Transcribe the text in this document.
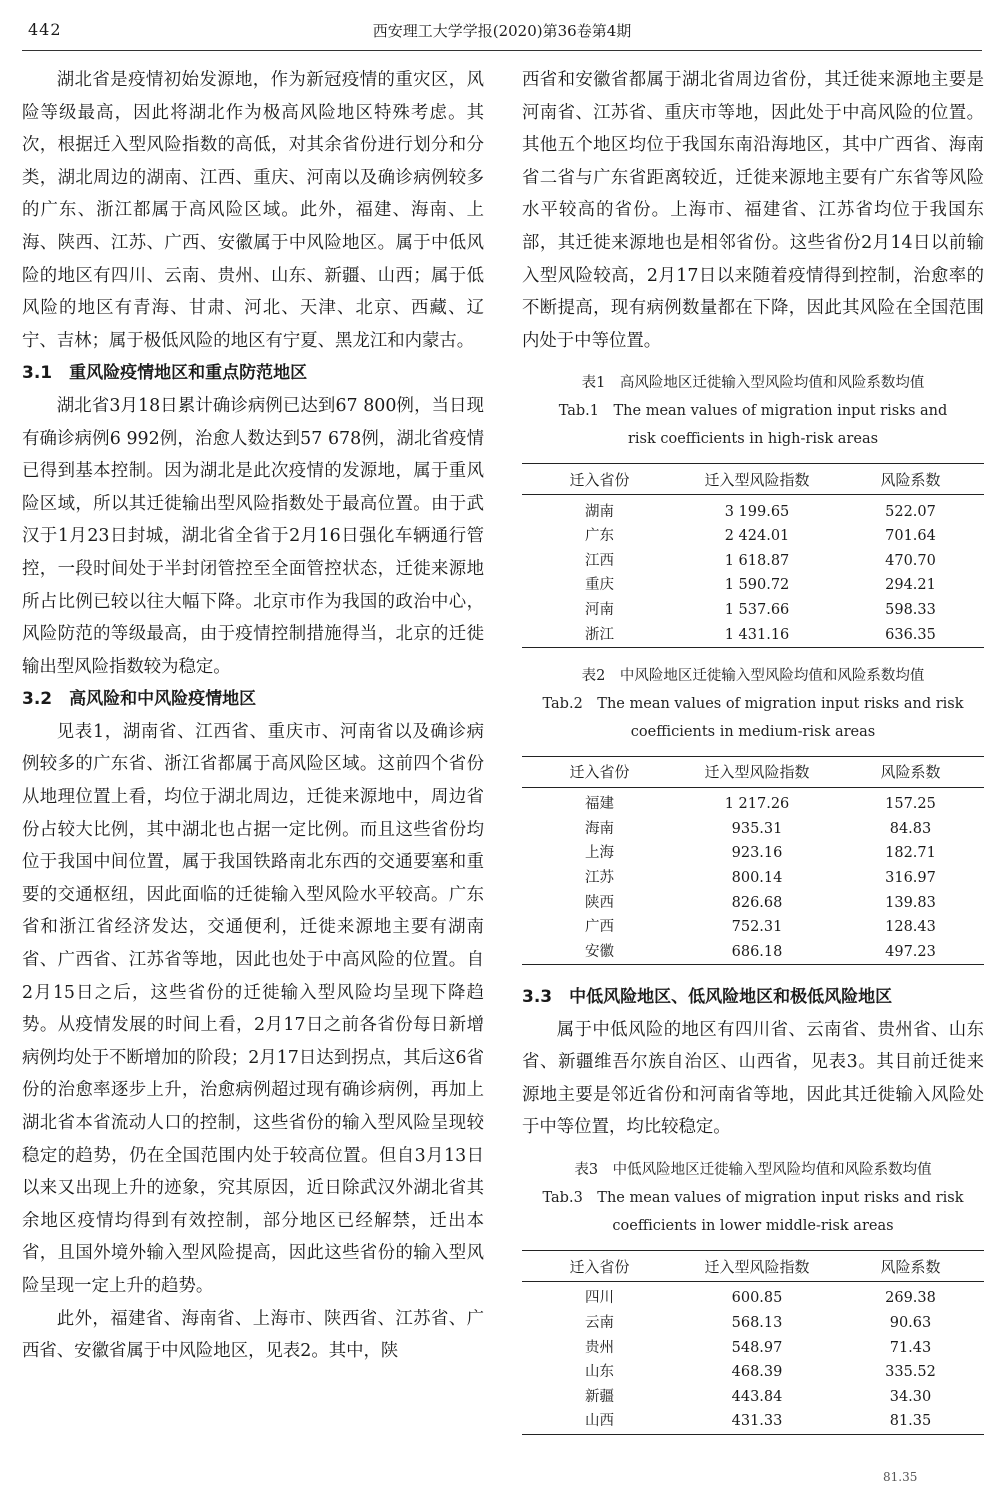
442	西安理工大学学报(2020)第36卷第4期

湖北省是疫情初始发源地，作为新冠疫情的重灾区，风险等级最高，因此将湖北作为极高风险地区特殊考虑。其次，根据迁入型风险指数的高低，对其余省份进行划分和分类，湖北周边的湖南、江西、重庆、河南以及确诊病例较多的广东、浙江都属于高风险区域。此外，福建、海南、上海、陕西、江苏、广西、安徽属于中风险地区。属于中低风险的地区有四川、云南、贵州、山东、新疆、山西；属于低风险的地区有青海、甘肃、河北、天津、北京、西藏、辽宁、吉林；属于极低风险的地区有宁夏、黑龙江和内蒙古。

3.1　重风险疫情地区和重点防范地区

湖北省3月18日累计确诊病例已达到67 800例，当日现有确诊病例6 992例，治愈人数达到57 678例，湖北省疫情已得到基本控制。因为湖北是此次疫情的发源地，属于重风险区域，所以其迁徙输出型风险指数处于最高位置。由于武汉于1月23日封城，湖北省全省于2月16日强化车辆通行管控，一段时间处于半封闭管控至全面管控状态，迁徙来源地所占比例已较以往大幅下降。北京市作为我国的政治中心，风险防范的等级最高，由于疫情控制措施得当，北京的迁徙输出型风险指数较为稳定。

3.2　高风险和中风险疫情地区

见表1，湖南省、江西省、重庆市、河南省以及确诊病例较多的广东省、浙江省都属于高风险区域。这前四个省份从地理位置上看，均位于湖北周边，迁徙来源地中，周边省份占较大比例，其中湖北也占据一定比例。而且这些省份均位于我国中间位置，属于我国铁路南北东西的交通要塞和重要的交通枢纽，因此面临的迁徙输入型风险水平较高。广东省和浙江省经济发达，交通便利，迁徙来源地主要有湖南省、广西省、江苏省等地，因此也处于中高风险的位置。自2月15日之后，这些省份的迁徙输入型风险均呈现下降趋势。从疫情发展的时间上看，2月17日之前各省份每日新增病例均处于不断增加的阶段；2月17日达到拐点，其后这6省份的治愈率逐步上升，治愈病例超过现有确诊病例，再加上湖北省本省流动人口的控制，这些省份的输入型风险呈现较稳定的趋势，仍在全国范围内处于较高位置。但自3月13日以来又出现上升的迹象，究其原因，近日除武汉外湖北省其余地区疫情均得到有效控制，部分地区已经解禁，迁出本省，且国外境外输入型风险提高，因此这些省份的输入型风险呈现一定上升的趋势。

此外，福建省、海南省、上海市、陕西省、江苏省、广西省、安徽省属于中风险地区，见表2。其中，陕

西省和安徽省都属于湖北省周边省份，其迁徙来源地主要是河南省、江苏省、重庆市等地，因此处于中高风险的位置。其他五个地区均位于我国东南沿海地区，其中广西省、海南省二省与广东省距离较近，迁徙来源地主要有广东省等风险水平较高的省份。上海市、福建省、江苏省均位于我国东部，其迁徙来源地也是相邻省份。这些省份2月14日以前输入型风险较高，2月17日以来随着疫情得到控制，治愈率的不断提高，现有病例数量都在下降，因此其风险在全国范围内处于中等位置。

表1　高风险地区迁徙输入型风险均值和风险系数均值
Tab.1　The mean values of migration input risks and
risk coefficients in high-risk areas
迁入省份	迁入型风险指数	风险系数
湖南	3 199.65	522.07
广东	2 424.01	701.64
江西	1 618.87	470.70
重庆	1 590.72	294.21
河南	1 537.66	598.33
浙江	1 431.16	636.35
表2　中风险地区迁徙输入型风险均值和风险系数均值
Tab.2　The mean values of migration input risks and risk
coefficients in medium-risk areas
迁入省份	迁入型风险指数	风险系数
福建	1 217.26	157.25
海南	935.31	84.83
上海	923.16	182.71
江苏	800.14	316.97
陕西	826.68	139.83
广西	752.31	128.43
安徽	686.18	497.23
3.3　中低风险地区、低风险地区和极低风险地区

属于中低风险的地区有四川省、云南省、贵州省、山东省、新疆维吾尔族自治区、山西省，见表3。其目前迁徙来源地主要是邻近省份和河南省等地，因此其迁徙输入风险处于中等位置，均比较稳定。

表3　中低风险地区迁徙输入型风险均值和风险系数均值
Tab.3　The mean values of migration input risks and risk
coefficients in lower middle-risk areas
迁入省份	迁入型风险指数	风险系数
四川	600.85	269.38
云南	568.13	90.63
贵州	548.97	71.43
山东	468.39	335.52
新疆	443.84	34.30
山西	431.33	81.35
81.35
